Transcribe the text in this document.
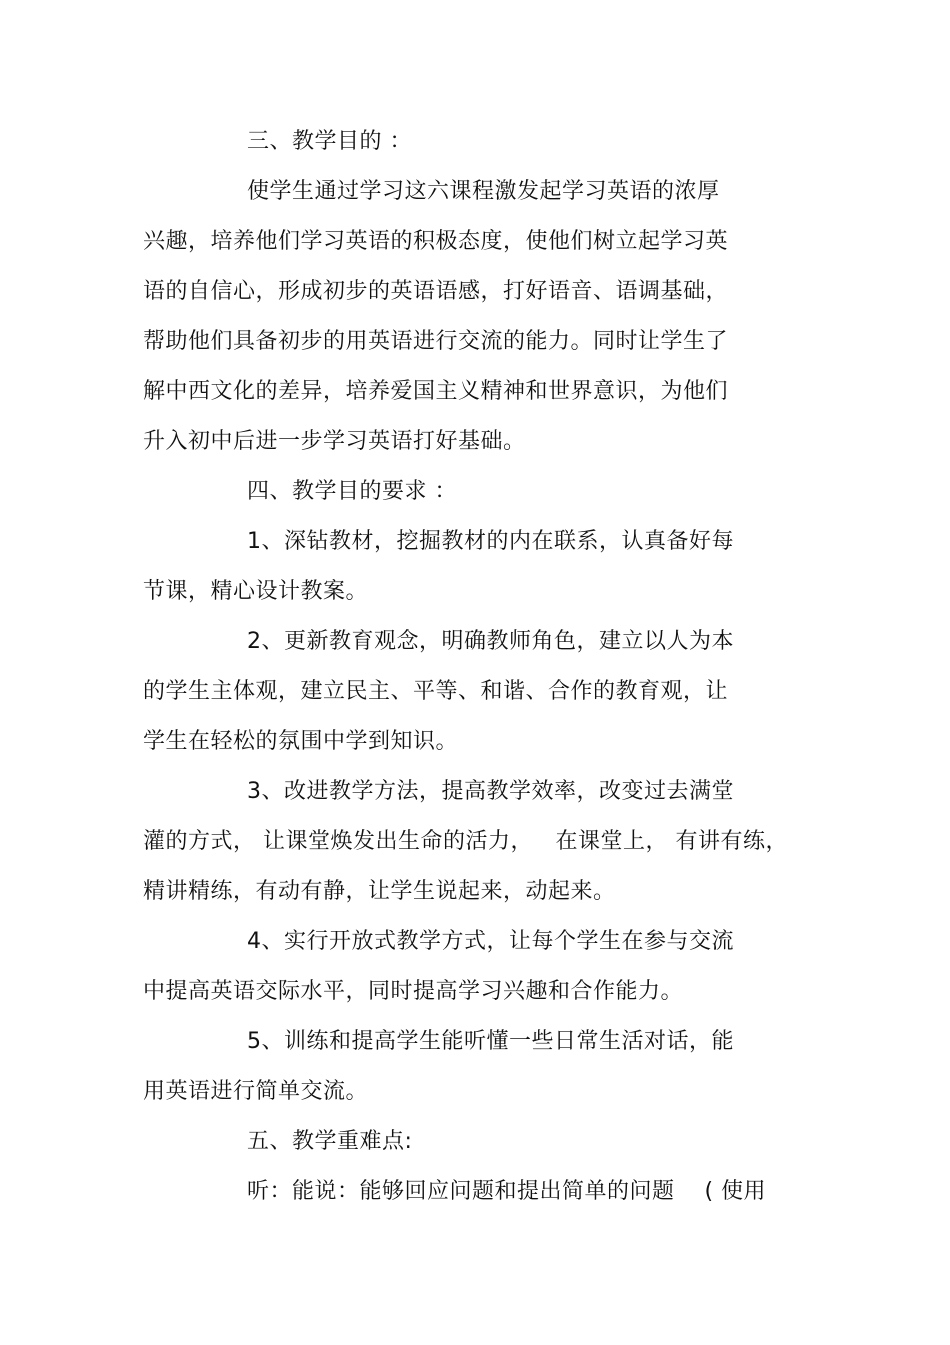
三、教学目的 ：
使学生通过学习这六课程激发起学习英语的浓厚
兴趣，培养他们学习英语的积极态度，使他们树立起学习英
语的自信心，形成初步的英语语感，打好语音、语调基础，
帮助他们具备初步的用英语进行交流的能力。同时让学生了
解中西文化的差异，培养爱国主义精神和世界意识，为他们
升入初中后进一步学习英语打好基础。
四、教学目的要求 ：
1、深钻教材，挖掘教材的内在联系，认真备好每
节课，精心设计教案。
2、更新教育观念，明确教师角色，建立以人为本
的学生主体观，建立民主、平等、和谐、合作的教育观，让
学生在轻松的氛围中学到知识。
3、改进教学方法，提高教学效率，改变过去满堂
灌的方式， 让课堂焕发出生命的活力，   在课堂上， 有讲有练，
精讲精练，有动有静，让学生说起来，动起来。
4、实行开放式教学方式，让每个学生在参与交流
中提高英语交际水平，同时提高学习兴趣和合作能力。
5、训练和提高学生能听懂一些日常生活对话，能
用英语进行简单交流。
五、教学重难点:
听：能说：能够回应问题和提出简单的问题    ( 使用
